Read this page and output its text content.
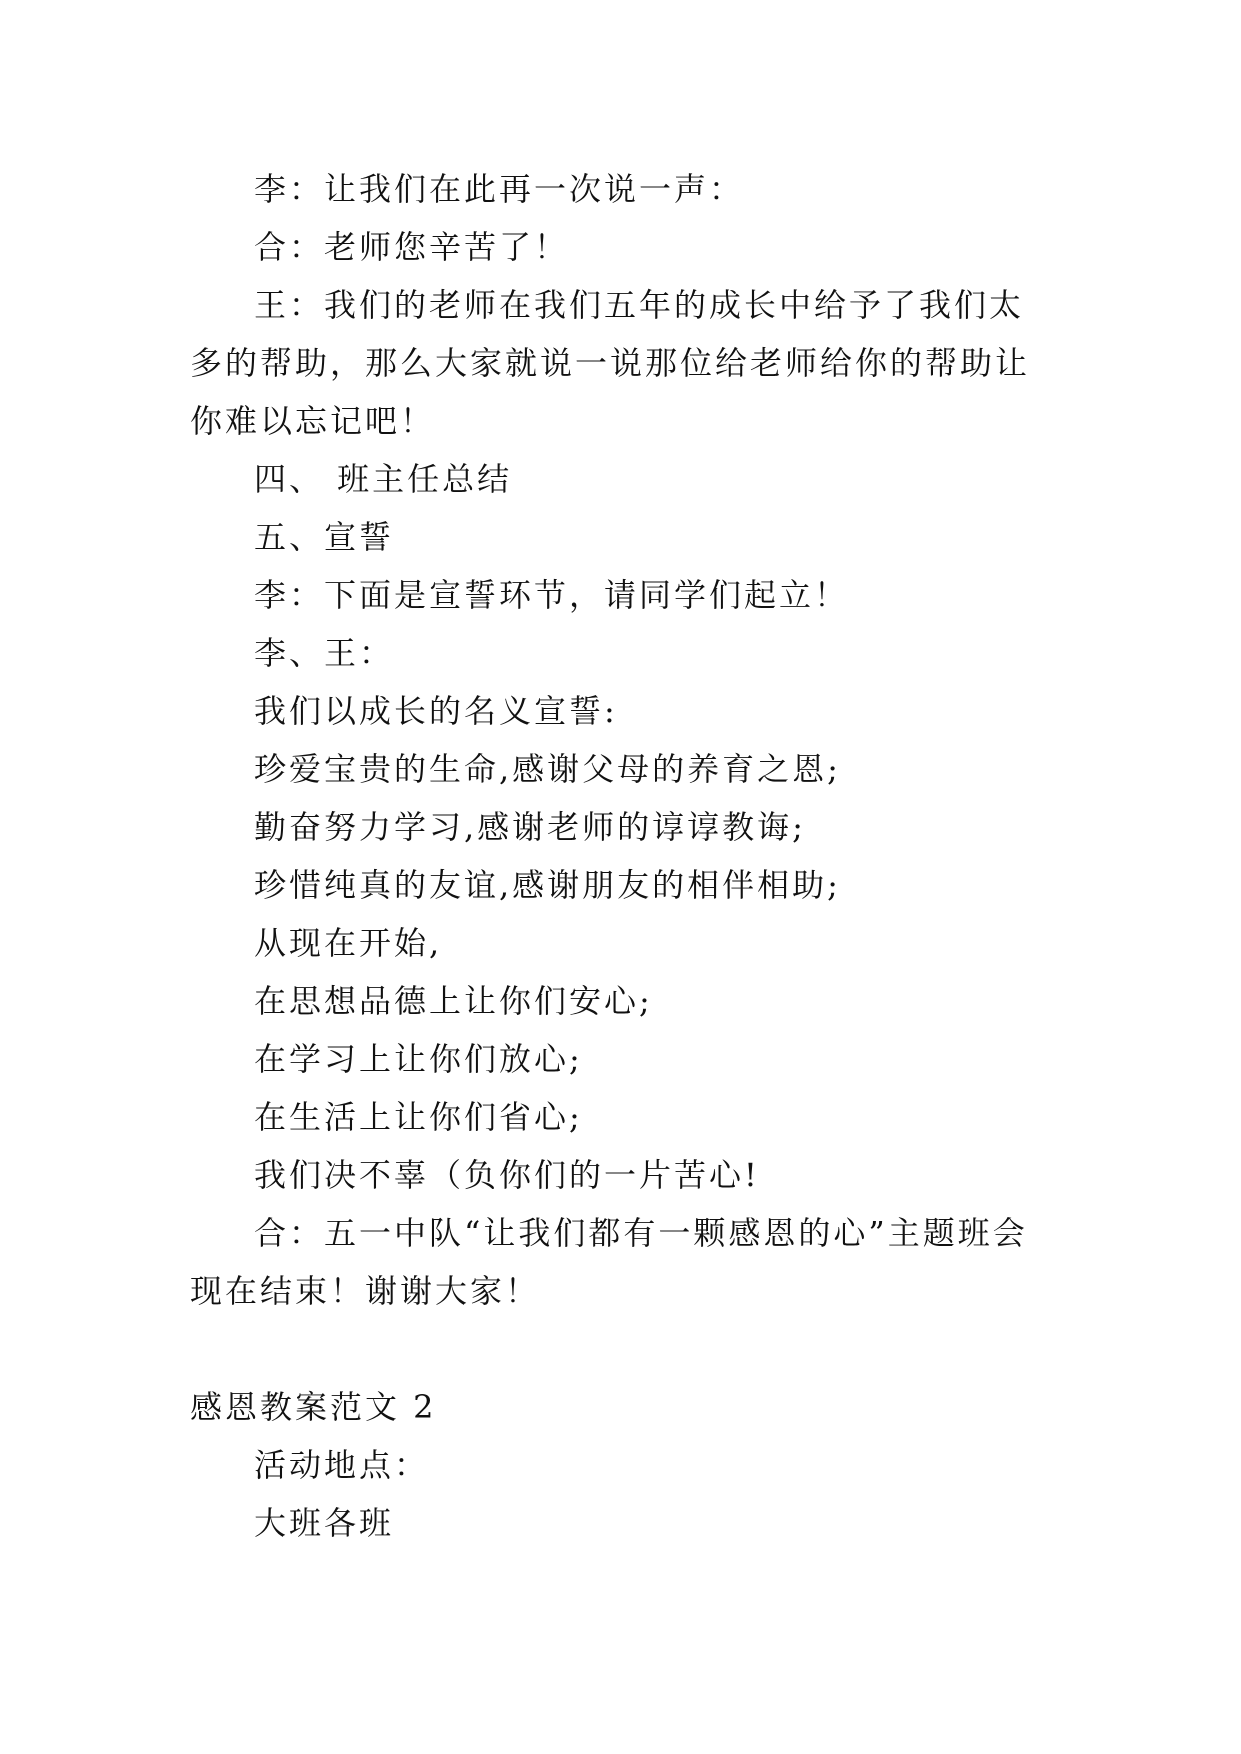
李：让我们在此再一次说一声：

合：老师您辛苦了！

王：我们的老师在我们五年的成长中给予了我们太多的帮助，那么大家就说一说那位给老师给你的帮助让你难以忘记吧！

四、 班主任总结

五、宣誓

李：下面是宣誓环节，请同学们起立！

李、王：

我们以成长的名义宣誓:

珍爱宝贵的生命,感谢父母的养育之恩;

勤奋努力学习,感谢老师的谆谆教诲;

珍惜纯真的友谊,感谢朋友的相伴相助;

从现在开始,

在思想品德上让你们安心;

在学习上让你们放心;

在生活上让你们省心;

我们决不辜（负你们的一片苦心!

合：五一中队“让我们都有一颗感恩的心”主题班会现在结束！谢谢大家！

感恩教案范文 2

活动地点：

大班各班
